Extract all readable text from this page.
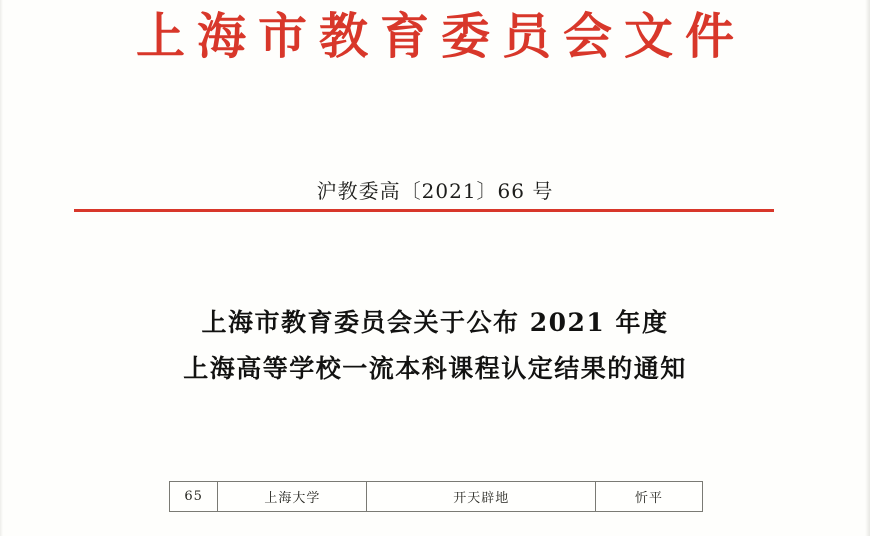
上海市教育委员会文件
沪教委高〔2021〕66 号
上海市教育委员会关于公布 2021 年度
上海高等学校一流本科课程认定结果的通知
65	上海大学	开天辟地	忻平
